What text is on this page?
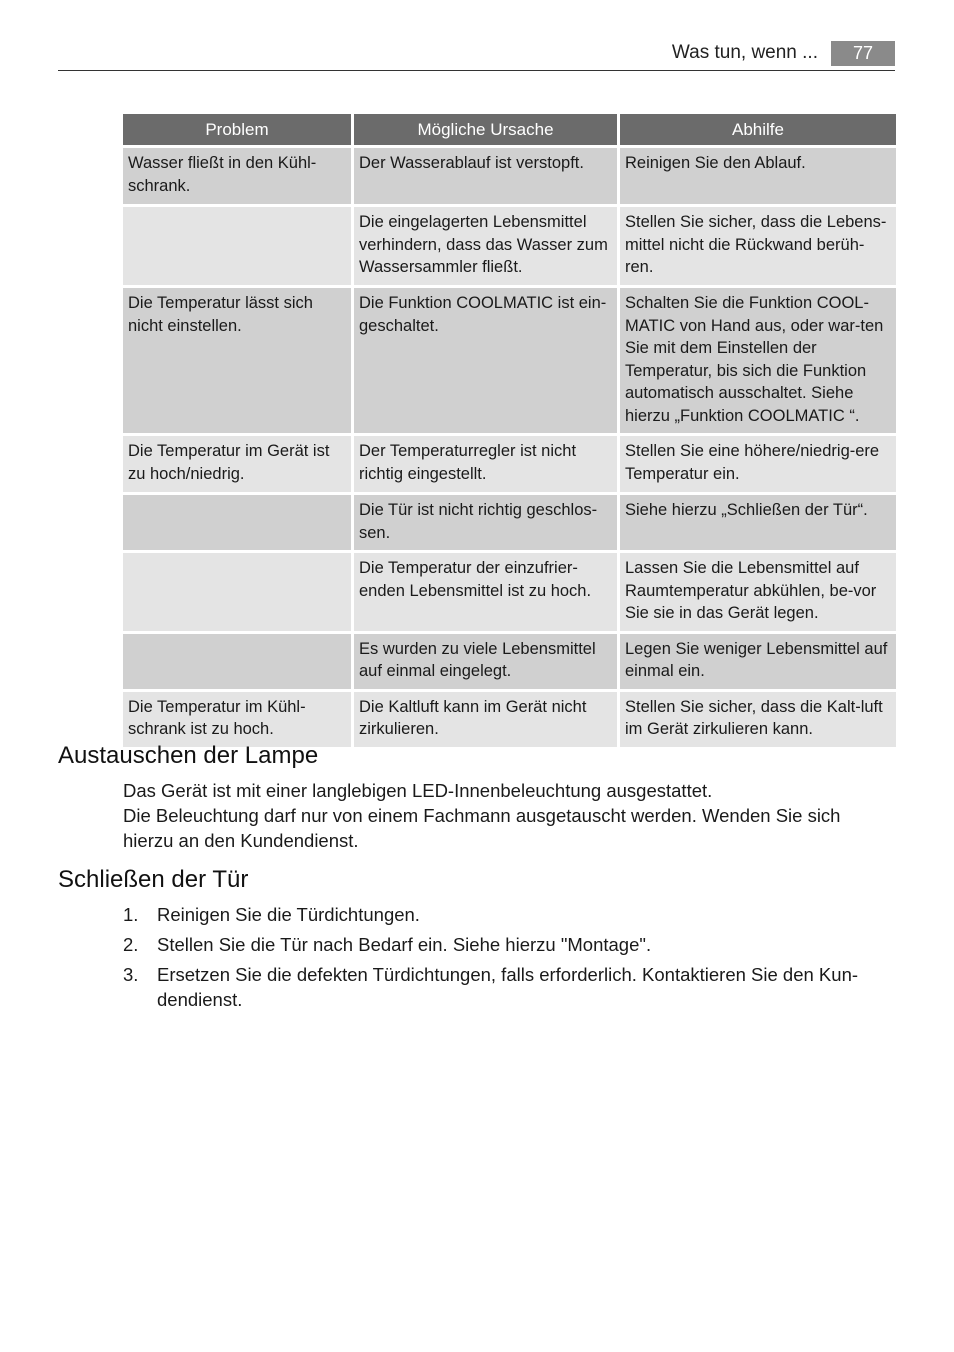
Was tun, wenn ...	77
Problem	Mögliche Ursache	Abhilfe
Wasser fließt in den Kühl-schrank.	Der Wasserablauf ist verstopft.	Reinigen Sie den Ablauf.
	Die eingelagerten Lebensmittel verhindern, dass das Wasser zum Wassersammler fließt.	Stellen Sie sicher, dass die Lebens-mittel nicht die Rückwand berüh-ren.
Die Temperatur lässt sich nicht einstellen.	Die Funktion COOLMATIC ist ein-geschaltet.	Schalten Sie die Funktion COOL-MATIC von Hand aus, oder war-ten Sie mit dem Einstellen der Temperatur, bis sich die Funktion automatisch ausschaltet. Siehe hierzu „Funktion COOLMATIC “.
Die Temperatur im Gerät ist zu hoch/niedrig.	Der Temperaturregler ist nicht richtig eingestellt.	Stellen Sie eine höhere/niedrig-ere Temperatur ein.
	Die Tür ist nicht richtig geschlos-sen.	Siehe hierzu „Schließen der Tür“.
	Die Temperatur der einzufrier-enden Lebensmittel ist zu hoch.	Lassen Sie die Lebensmittel auf Raumtemperatur abkühlen, be-vor Sie sie in das Gerät legen.
	Es wurden zu viele Lebensmittel auf einmal eingelegt.	Legen Sie weniger Lebensmittel auf einmal ein.
Die Temperatur im Kühl-schrank ist zu hoch.	Die Kaltluft kann im Gerät nicht zirkulieren.	Stellen Sie sicher, dass die Kalt-luft im Gerät zirkulieren kann.
Austauschen der Lampe

Das Gerät ist mit einer langlebigen LED-Innenbeleuchtung ausgestattet.

Die Beleuchtung darf nur von einem Fachmann ausgetauscht werden. Wenden Sie sich hierzu an den Kundendienst.

Schließen der Tür
1.	Reinigen Sie die Türdichtungen.
2.	Stellen Sie die Tür nach Bedarf ein. Siehe hierzu "Montage".
3.	Ersetzen Sie die defekten Türdichtungen, falls erforderlich. Kontaktieren Sie den Kun-dendienst.
